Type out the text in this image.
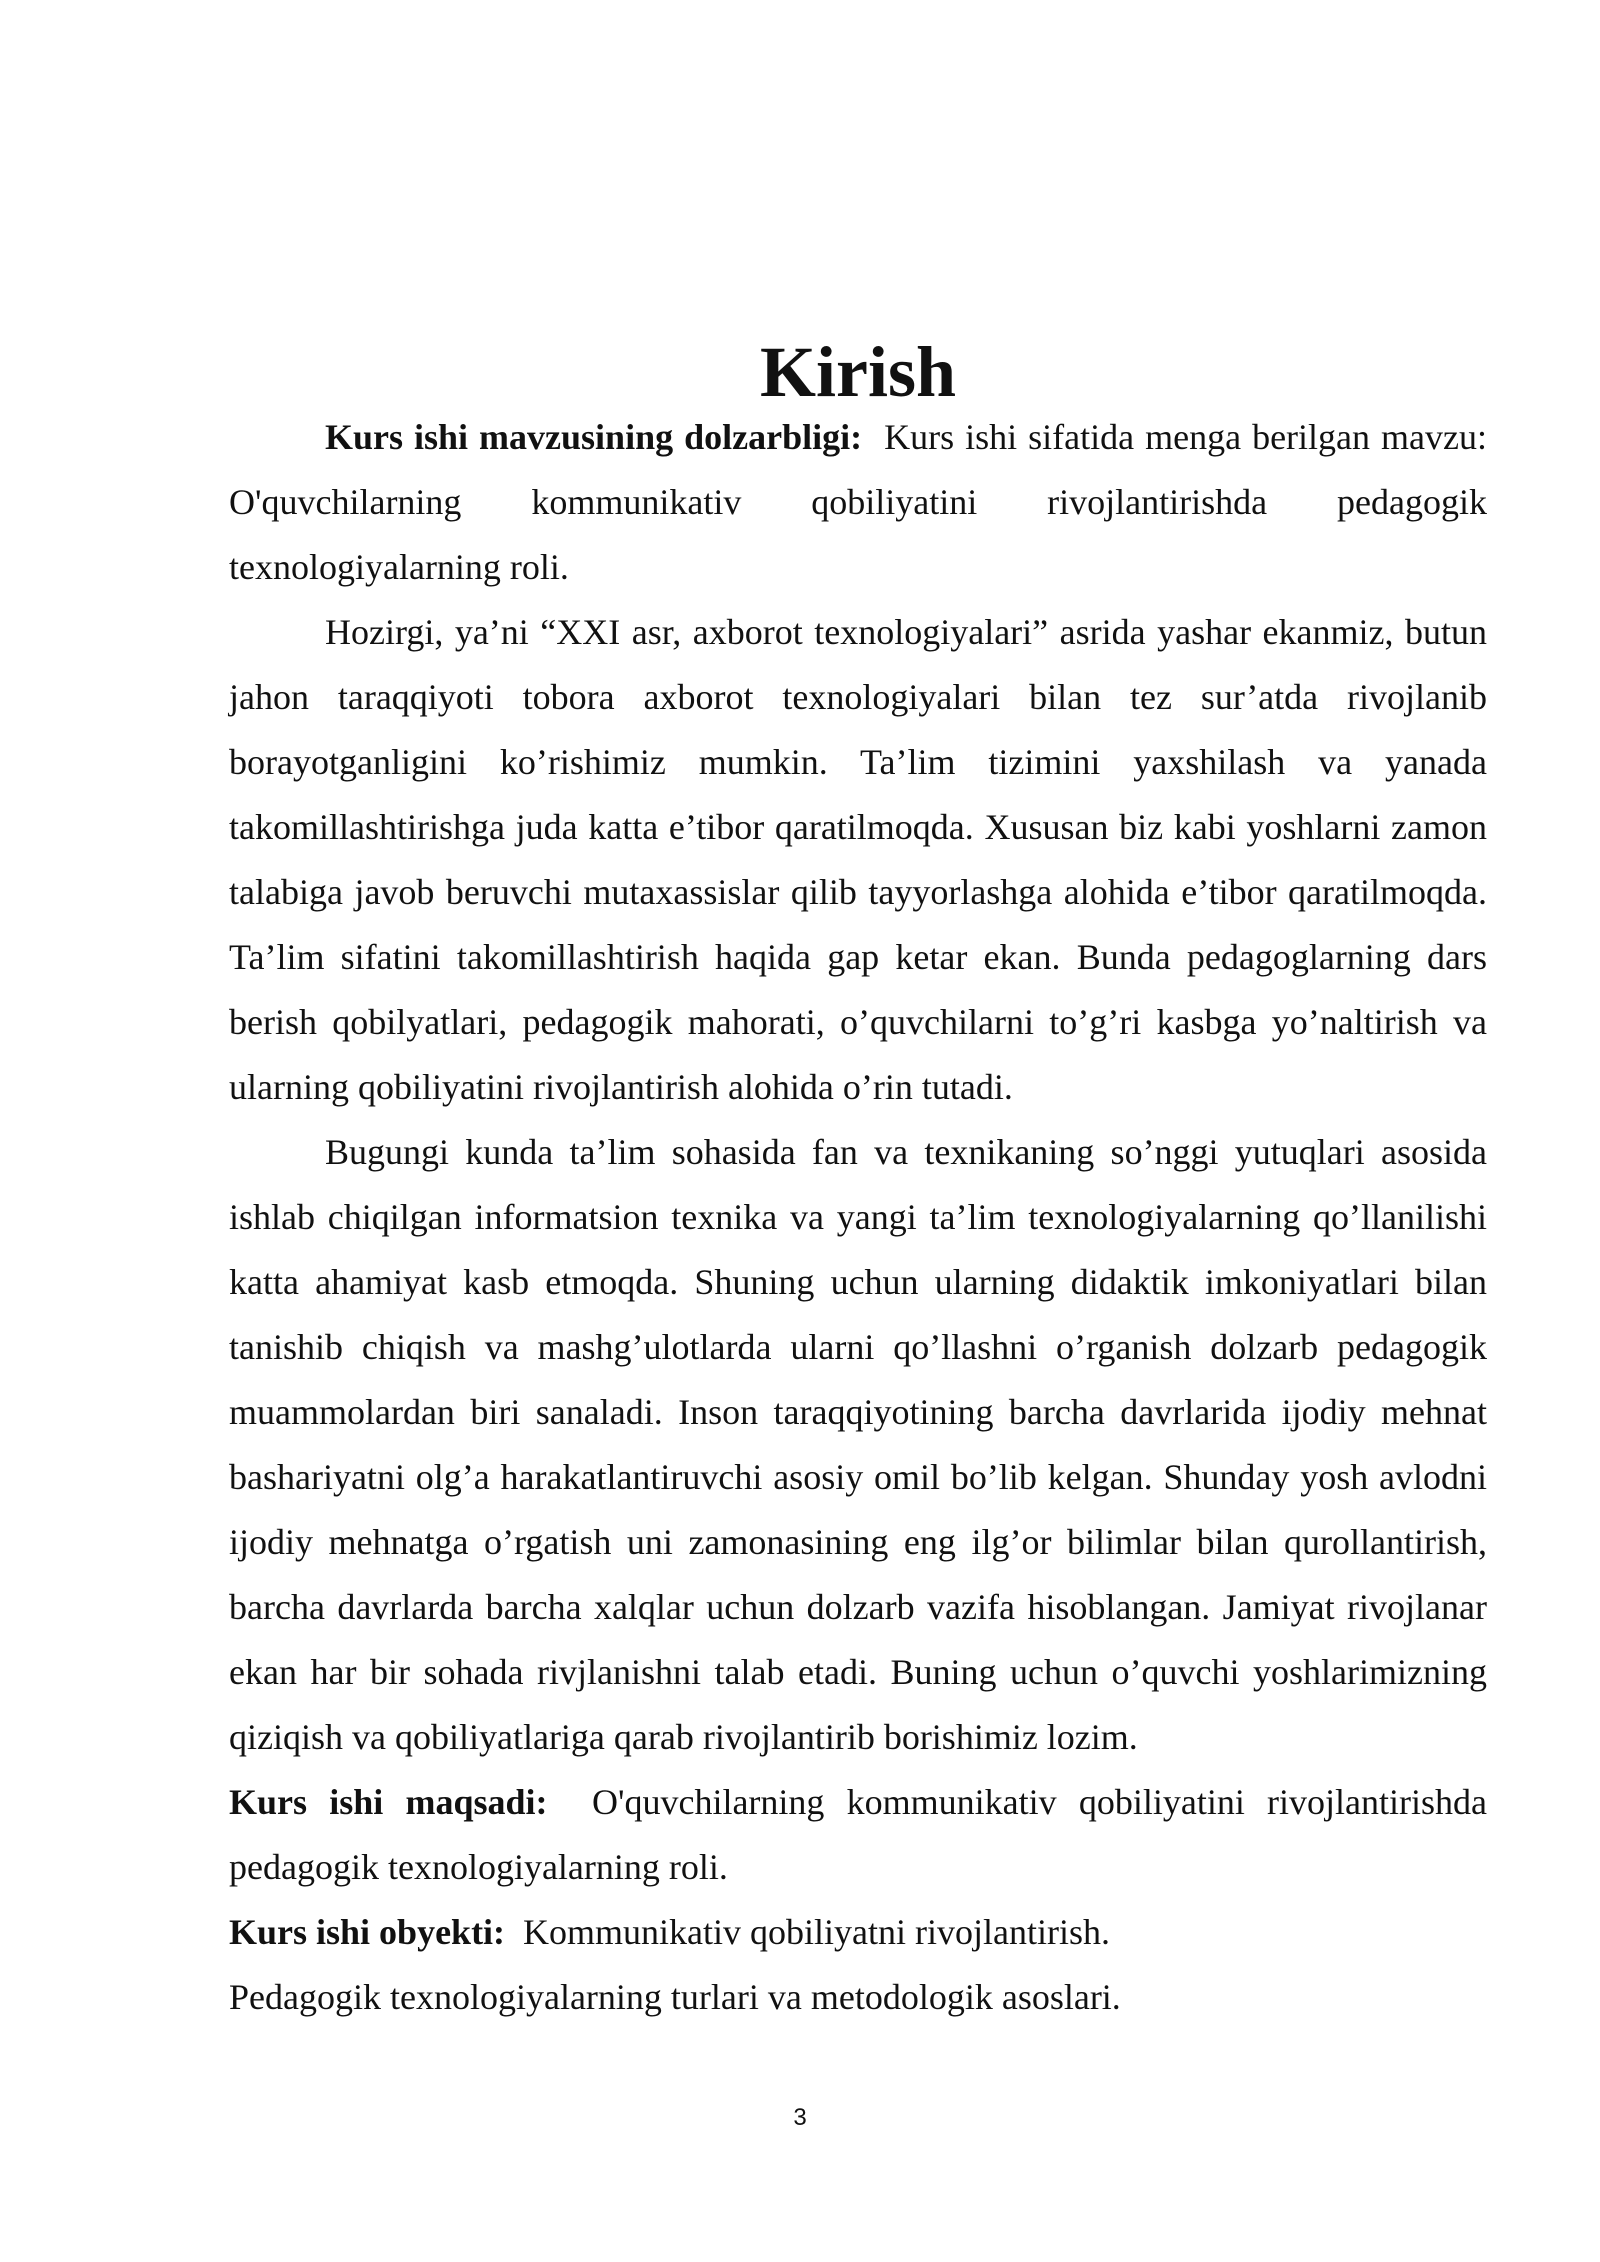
Kirish

Kurs ishi mavzusining dolzarbligi: Kurs ishi sifatida menga berilgan mavzu: O'quvchilarning kommunikativ qobiliyatini rivojlantirishda pedagogik texnologiyalarning roli.

Hozirgi, ya’ni “XXI asr, axborot texnologiyalari” asrida yashar ekanmiz, butun jahon taraqqiyoti tobora axborot texnologiyalari bilan tez sur’atda rivojlanib borayotganligini ko’rishimiz mumkin. Ta’lim tizimini yaxshilash va yanada takomillashtirishga juda katta e’tibor qaratilmoqda. Xususan biz kabi yoshlarni zamon talabiga javob beruvchi mutaxassislar qilib tayyorlashga alohida e’tibor qaratilmoqda. Ta’lim sifatini takomillashtirish haqida gap ketar ekan. Bunda pedagoglarning dars berish qobilyatlari, pedagogik mahorati, o’quvchilarni to’g’ri kasbga yo’naltirish va ularning qobiliyatini rivojlantirish alohida o’rin tutadi.

Bugungi kunda ta’lim sohasida fan va texnikaning so’nggi yutuqlari asosida ishlab chiqilgan informatsion texnika va yangi ta’lim texnologiyalarning qo’llanilishi katta ahamiyat kasb etmoqda. Shuning uchun ularning didaktik imkoniyatlari bilan tanishib chiqish va mashg’ulotlarda ularni qo’llashni o’rganish dolzarb pedagogik muammolardan biri sanaladi. Inson taraqqiyotining barcha davrlarida ijodiy mehnat bashariyatni olg’a harakatlantiruvchi asosiy omil bo’lib kelgan. Shunday yosh avlodni ijodiy mehnatga o’rgatish uni zamonasining eng ilg’or bilimlar bilan qurollantirish, barcha davrlarda barcha xalqlar uchun dolzarb vazifa hisoblangan. Jamiyat rivojlanar ekan har bir sohada rivjlanishni talab etadi. Buning uchun o’quvchi yoshlarimizning qiziqish va qobiliyatlariga qarab rivojlantirib borishimiz lozim.

Kurs ishi maqsadi: O'quvchilarning kommunikativ qobiliyatini rivojlantirishda pedagogik texnologiyalarning roli.

Kurs ishi obyekti: Kommunikativ qobiliyatni rivojlantirish.

Pedagogik texnologiyalarning turlari va metodologik asoslari.

3
